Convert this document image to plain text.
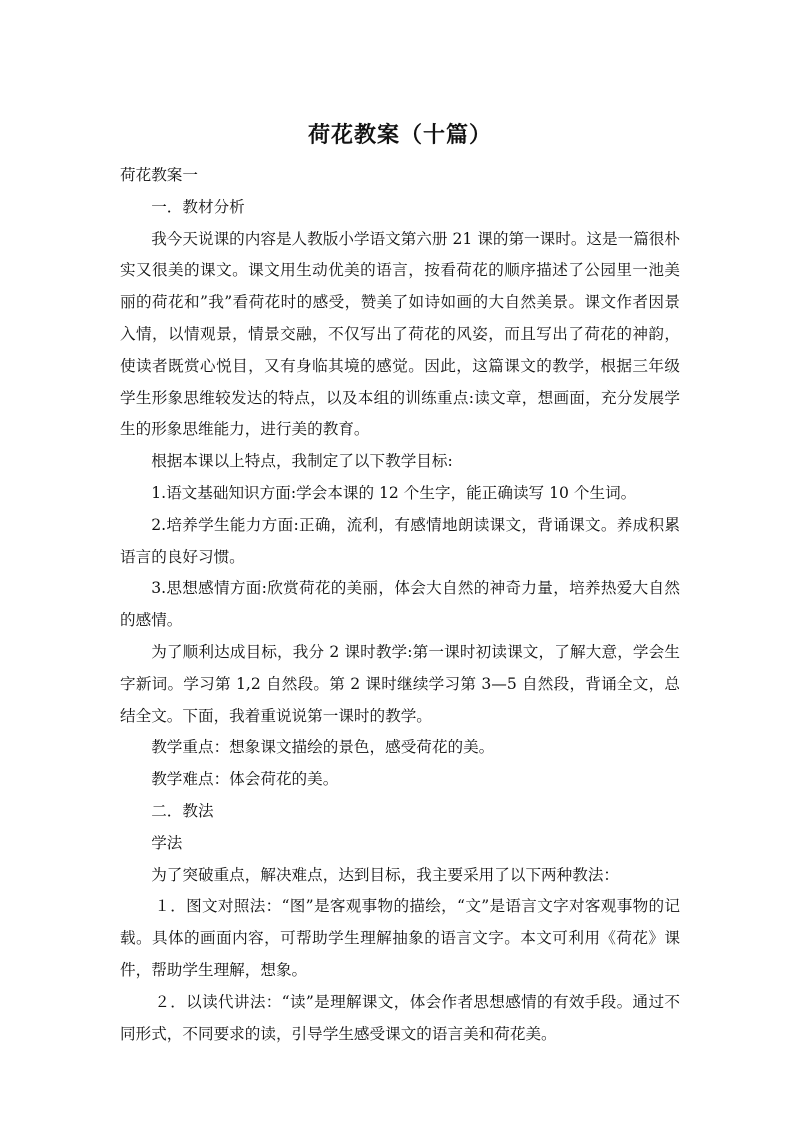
荷花教案（十篇）

荷花教案一

一．教材分析

我今天说课的内容是人教版小学语文第六册 21 课的第一课时。这是一篇很朴实又很美的课文。课文用生动优美的语言，按看荷花的顺序描述了公园里一池美丽的荷花和”我”看荷花时的感受，赞美了如诗如画的大自然美景。课文作者因景入情，以情观景，情景交融，不仅写出了荷花的风姿，而且写出了荷花的神韵，使读者既赏心悦目，又有身临其境的感觉。因此，这篇课文的教学，根据三年级学生形象思维较发达的特点，以及本组的训练重点:读文章，想画面，充分发展学生的形象思维能力，进行美的教育。

根据本课以上特点，我制定了以下教学目标:

1.语文基础知识方面:学会本课的 12 个生字，能正确读写 10 个生词。

2.培养学生能力方面:正确，流利，有感情地朗读课文，背诵课文。养成积累语言的良好习惯。

3.思想感情方面:欣赏荷花的美丽，体会大自然的神奇力量，培养热爱大自然的感情。

为了顺利达成目标，我分 2 课时教学:第一课时初读课文，了解大意，学会生字新词。学习第 1,2 自然段。第 2 课时继续学习第 3—5 自然段，背诵全文，总结全文。下面，我着重说说第一课时的教学。

教学重点：想象课文描绘的景色，感受荷花的美。

教学难点：体会荷花的美。

二．教法

学法

为了突破重点，解决难点，达到目标，我主要采用了以下两种教法：

１．图文对照法：“图”是客观事物的描绘，“文”是语言文字对客观事物的记载。具体的画面内容，可帮助学生理解抽象的语言文字。本文可利用《荷花》课件，帮助学生理解，想象。

２．以读代讲法：“读”是理解课文，体会作者思想感情的有效手段。通过不同形式，不同要求的读，引导学生感受课文的语言美和荷花美。
